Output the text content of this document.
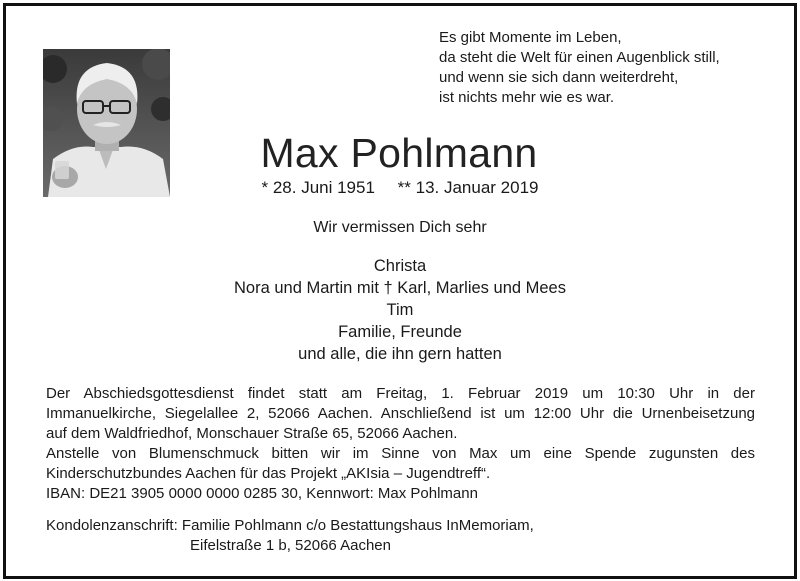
Es gibt Momente im Leben,
da steht die Welt für einen Augenblick still,
und wenn sie sich dann weiterdreht,
ist nichts mehr wie es war.
Max Pohlmann
* 28. Juni 1951 ** 13. Januar 2019
Wir vermissen Dich sehr
Christa
Nora und Martin mit † Karl, Marlies und Mees
Tim
Familie, Freunde
und alle, die ihn gern hatten
Der Abschiedsgottesdienst findet statt am Freitag, 1. Februar 2019 um 10:30 Uhr in der
Immanuelkirche, Siegelallee 2, 52066 Aachen. Anschließend ist um 12:00 Uhr die Urnenbeisetzung
auf dem Waldfriedhof, Monschauer Straße 65, 52066 Aachen.
Anstelle von Blumenschmuck bitten wir im Sinne von Max um eine Spende zugunsten des
Kinderschutzbundes Aachen für das Projekt „AKIsia – Jugendtreff“.
IBAN: DE21 3905 0000 0000 0285 30, Kennwort: Max Pohlmann
Kondolenzanschrift: Familie Pohlmann c/o Bestattungshaus InMemoriam,
Eifelstraße 1 b, 52066 Aachen
